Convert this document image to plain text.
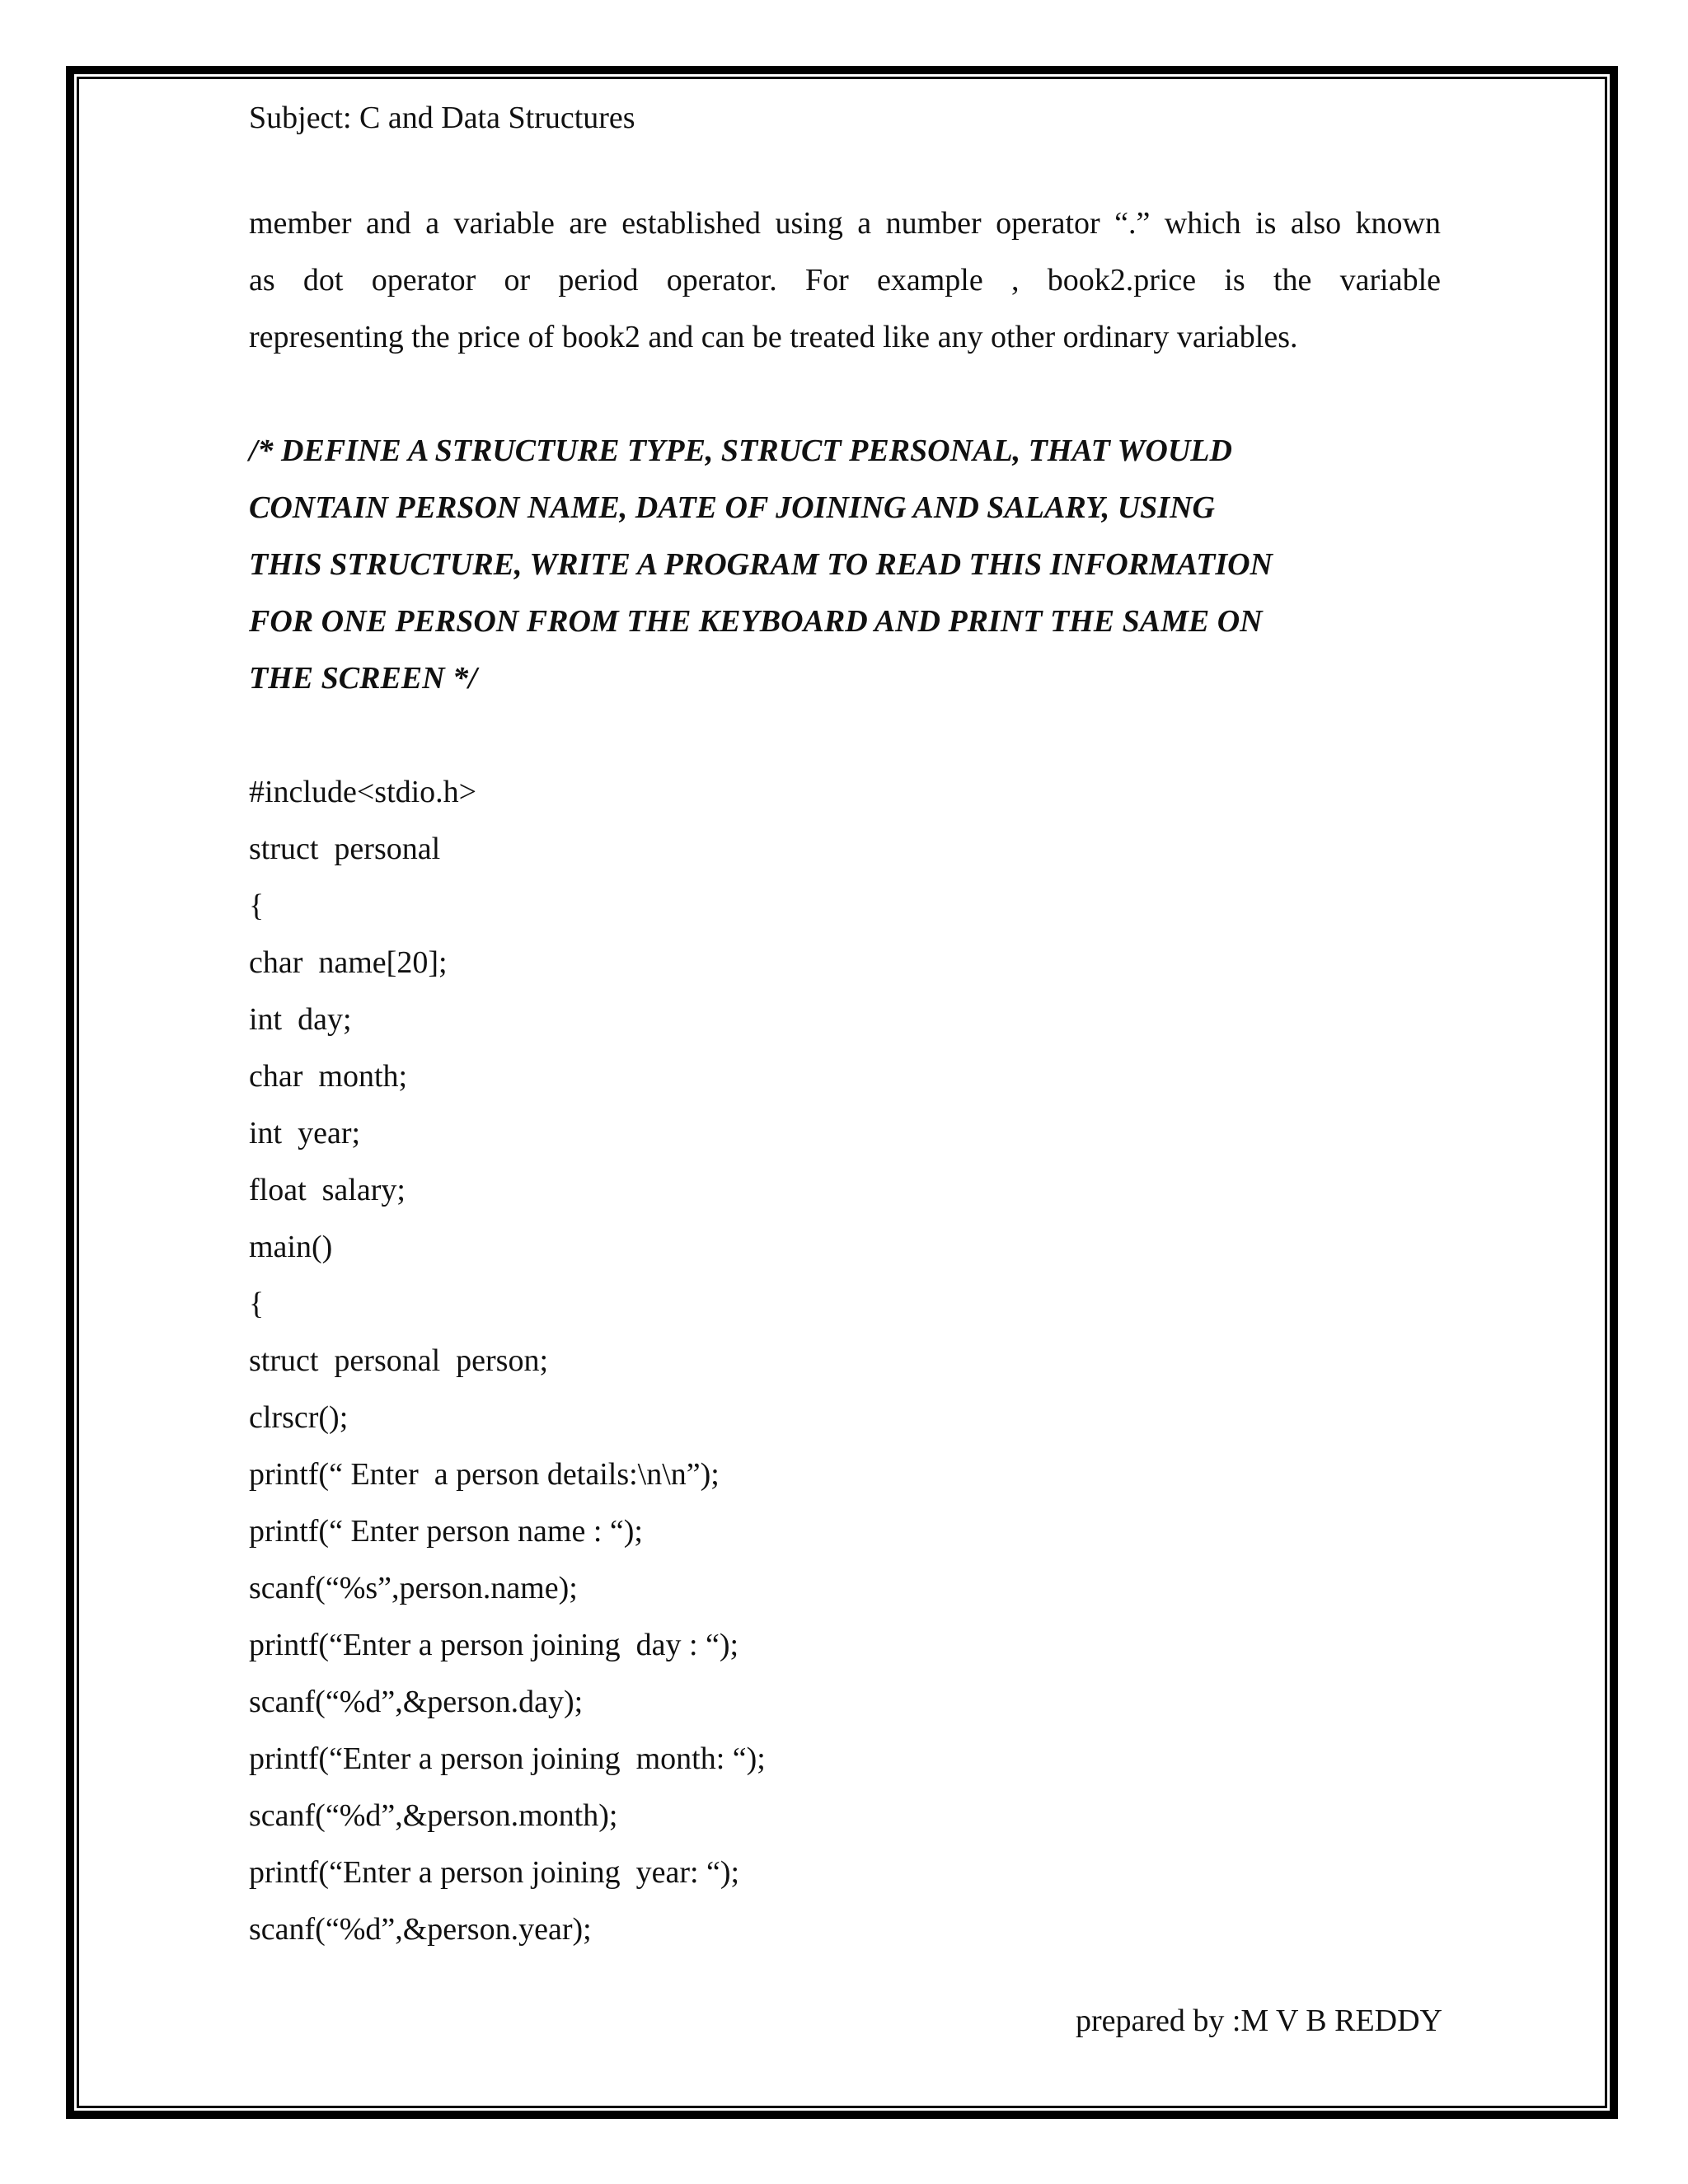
Subject: C and Data Structures
member and a variable are established using a number operator “.” which is also known
as dot operator or period operator. For example , book2.price is the variable
representing the price of book2 and can be treated like any other ordinary variables.
/* DEFINE A STRUCTURE TYPE, STRUCT PERSONAL, THAT WOULD
CONTAIN PERSON NAME, DATE OF JOINING AND SALARY, USING
THIS STRUCTURE, WRITE A PROGRAM TO READ THIS INFORMATION
FOR ONE PERSON FROM THE KEYBOARD AND PRINT THE SAME ON
THE SCREEN */
#include<stdio.h>
struct  personal
{
char  name[20];
int  day;
char  month;
int  year;
float  salary;
main()
{
struct  personal  person;
clrscr();
printf(“ Enter  a person details:\n\n”);
printf(“ Enter person name : “);
scanf(“%s”,person.name);
printf(“Enter a person joining  day : “);
scanf(“%d”,&person.day);
printf(“Enter a person joining  month: “);
scanf(“%d”,&person.month);
printf(“Enter a person joining  year: “);
scanf(“%d”,&person.year);
prepared by :M V B REDDY
